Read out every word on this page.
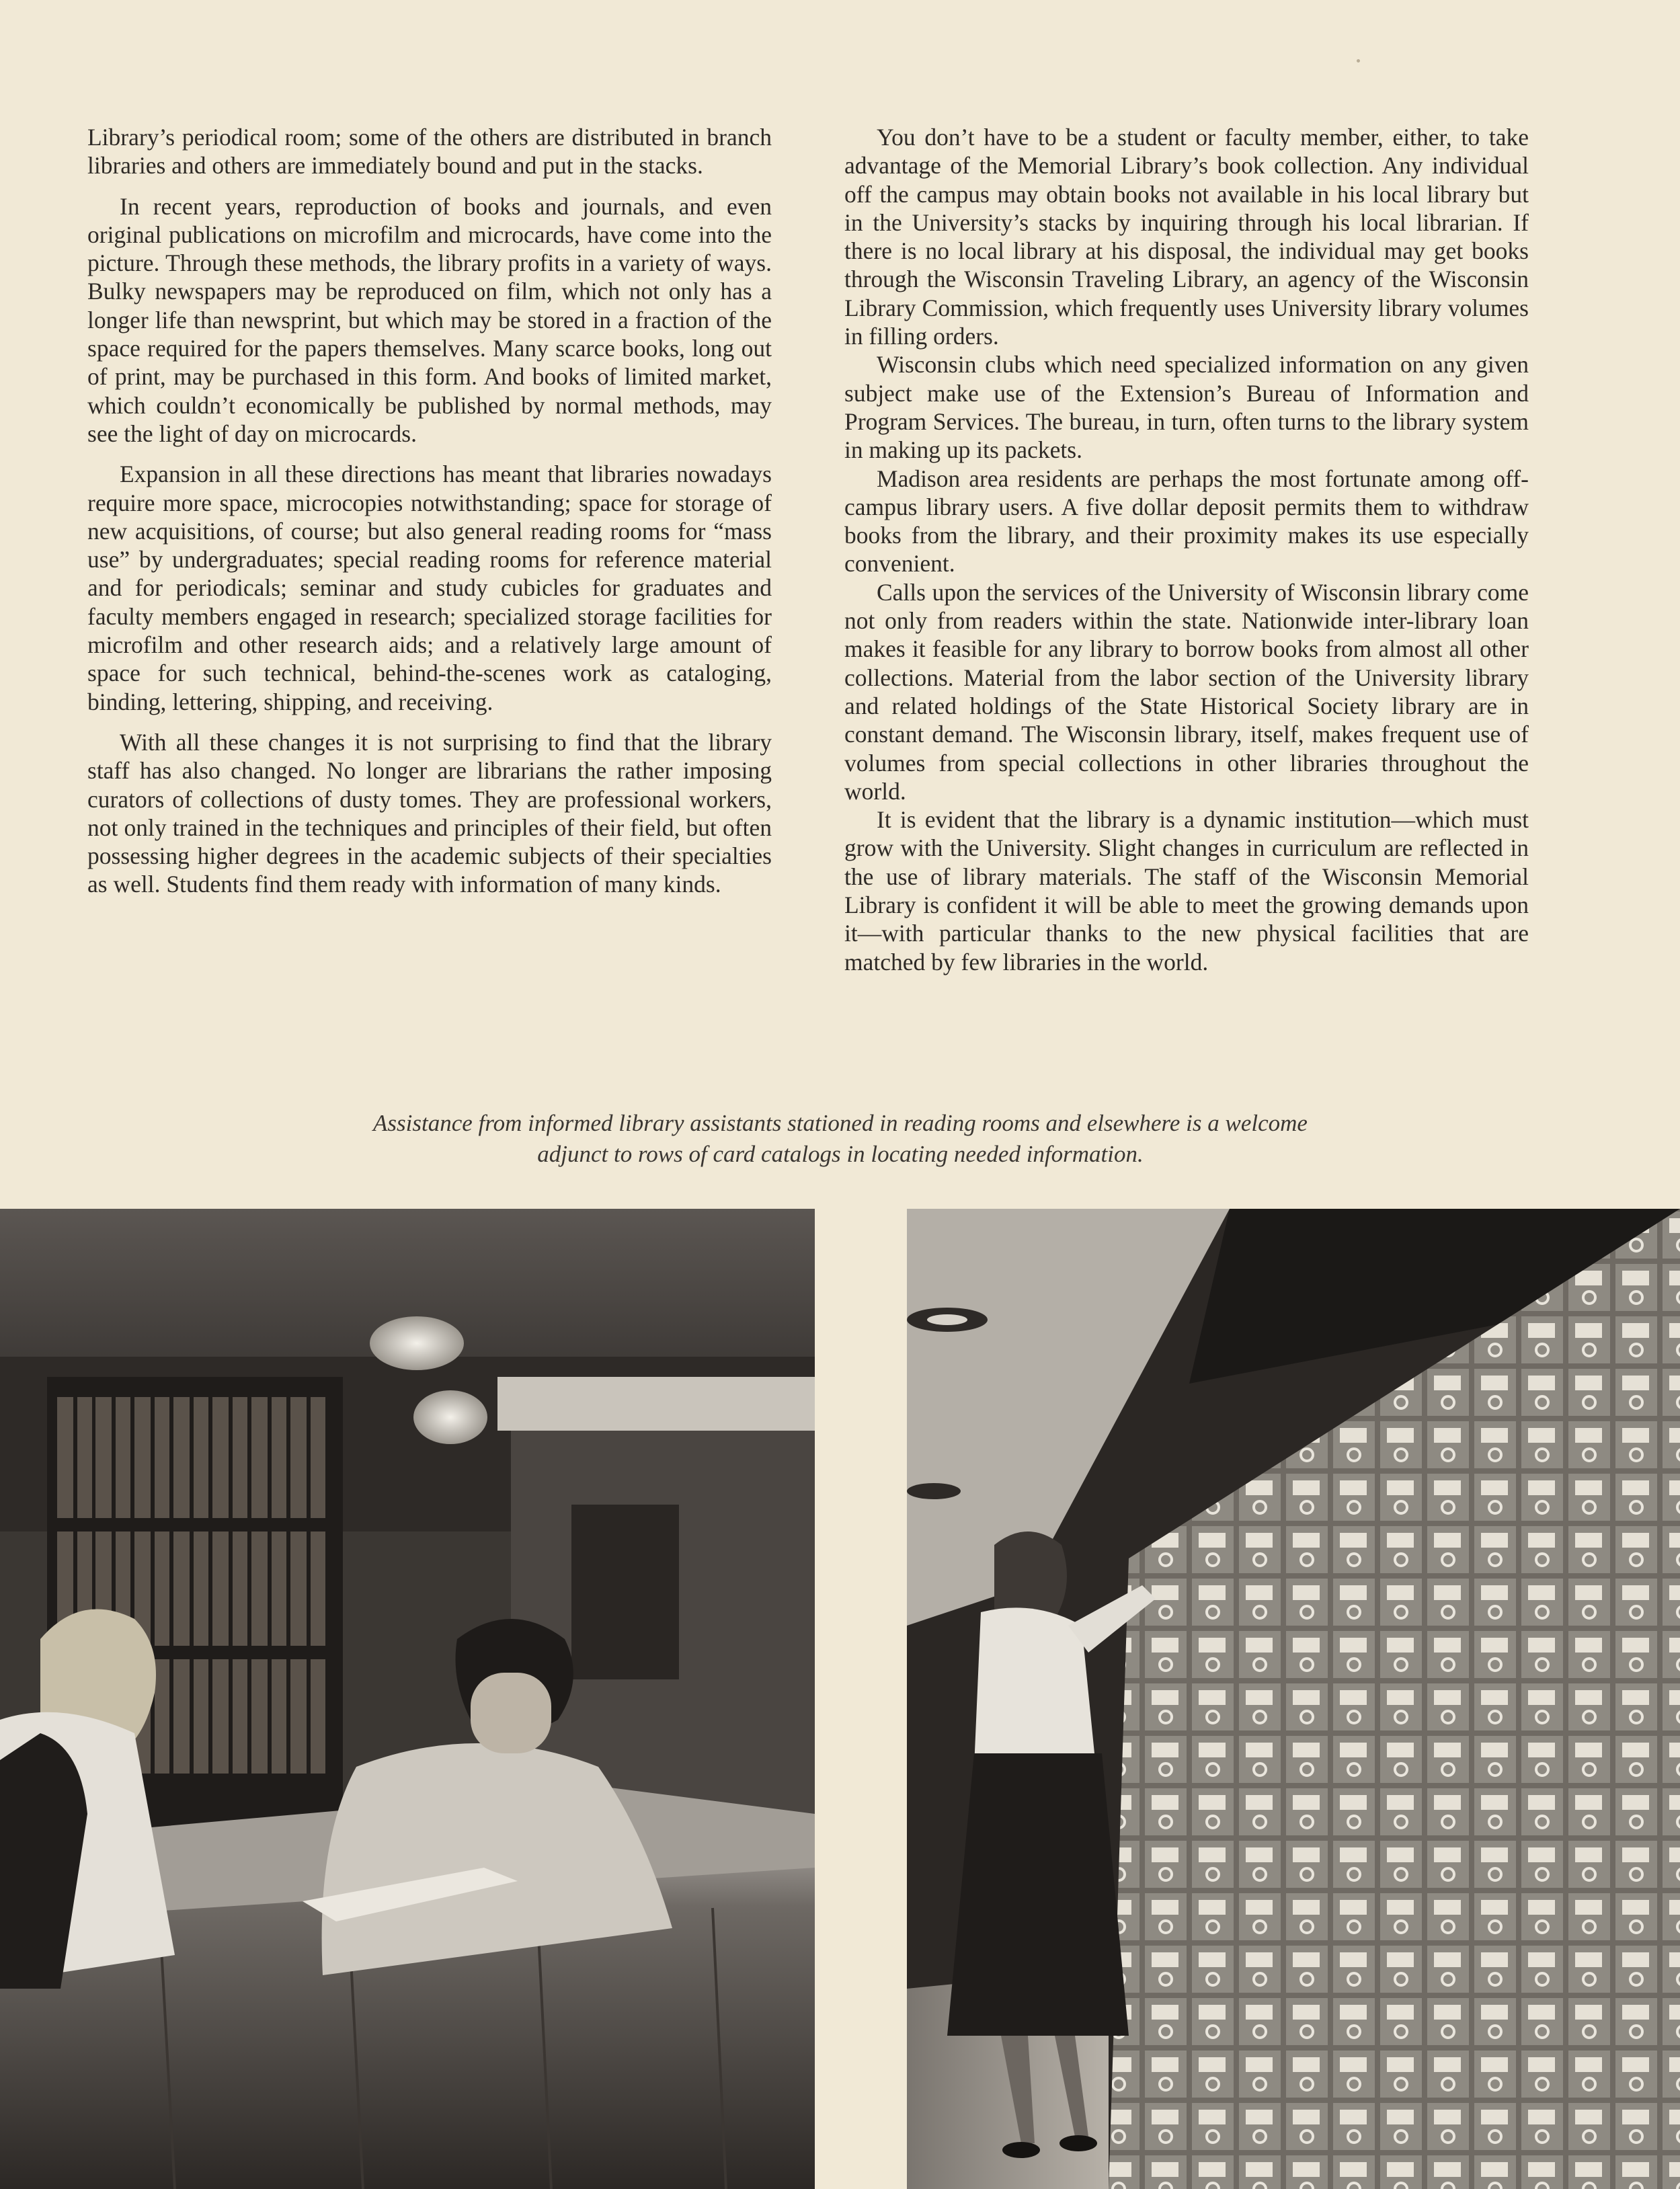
Library’s periodical room; some of the others are distributed in branch libraries and others are immediately bound and put in the stacks.

In recent years, reproduction of books and journals, and even original publications on microfilm and microcards, have come into the picture. Through these methods, the library profits in a variety of ways. Bulky newspapers may be reproduced on film, which not only has a longer life than newsprint, but which may be stored in a fraction of the space required for the papers themselves. Many scarce books, long out of print, may be purchased in this form. And books of limited market, which couldn’t economically be published by normal methods, may see the light of day on microcards.

Expansion in all these directions has meant that libraries nowadays require more space, microcopies notwithstanding; space for storage of new acquisitions, of course; but also general reading rooms for “mass use” by undergraduates; special reading rooms for reference material and for periodicals; seminar and study cubicles for graduates and faculty members engaged in research; specialized storage facilities for microfilm and other research aids; and a relatively large amount of space for such technical, behind-the-scenes work as cataloging, binding, lettering, shipping, and receiving.

With all these changes it is not surprising to find that the library staff has also changed. No longer are librarians the rather imposing curators of collections of dusty tomes. They are professional workers, not only trained in the techniques and principles of their field, but often possessing higher degrees in the academic subjects of their specialties as well. Students find them ready with information of many kinds.

You don’t have to be a student or faculty member, either, to take advantage of the Memorial Library’s book collection. Any individual off the campus may obtain books not available in his local library but in the University’s stacks by inquiring through his local librarian. If there is no local library at his disposal, the individual may get books through the Wisconsin Traveling Library, an agency of the Wisconsin Library Commission, which frequently uses University library volumes in filling orders.

Wisconsin clubs which need specialized information on any given subject make use of the Extension’s Bureau of Information and Program Services. The bureau, in turn, often turns to the library system in making up its packets.

Madison area residents are perhaps the most fortunate among off-campus library users. A five dollar deposit permits them to withdraw books from the library, and their proximity makes its use especially convenient.

Calls upon the services of the University of Wisconsin library come not only from readers within the state. Nationwide inter-library loan makes it feasible for any library to borrow books from almost all other collections. Material from the labor section of the University library and related holdings of the State Historical Society library are in constant demand. The Wisconsin library, itself, makes frequent use of volumes from special collections in other libraries throughout the world.

It is evident that the library is a dynamic institution—which must grow with the University. Slight changes in curriculum are reflected in the use of library materials. The staff of the Wisconsin Memorial Library is confident it will be able to meet the growing demands upon it—with particular thanks to the new physical facilities that are matched by few libraries in the world.

Assistance from informed library assistants stationed in reading rooms and elsewhere is a welcome adjunct to rows of card catalogs in locating needed information.
